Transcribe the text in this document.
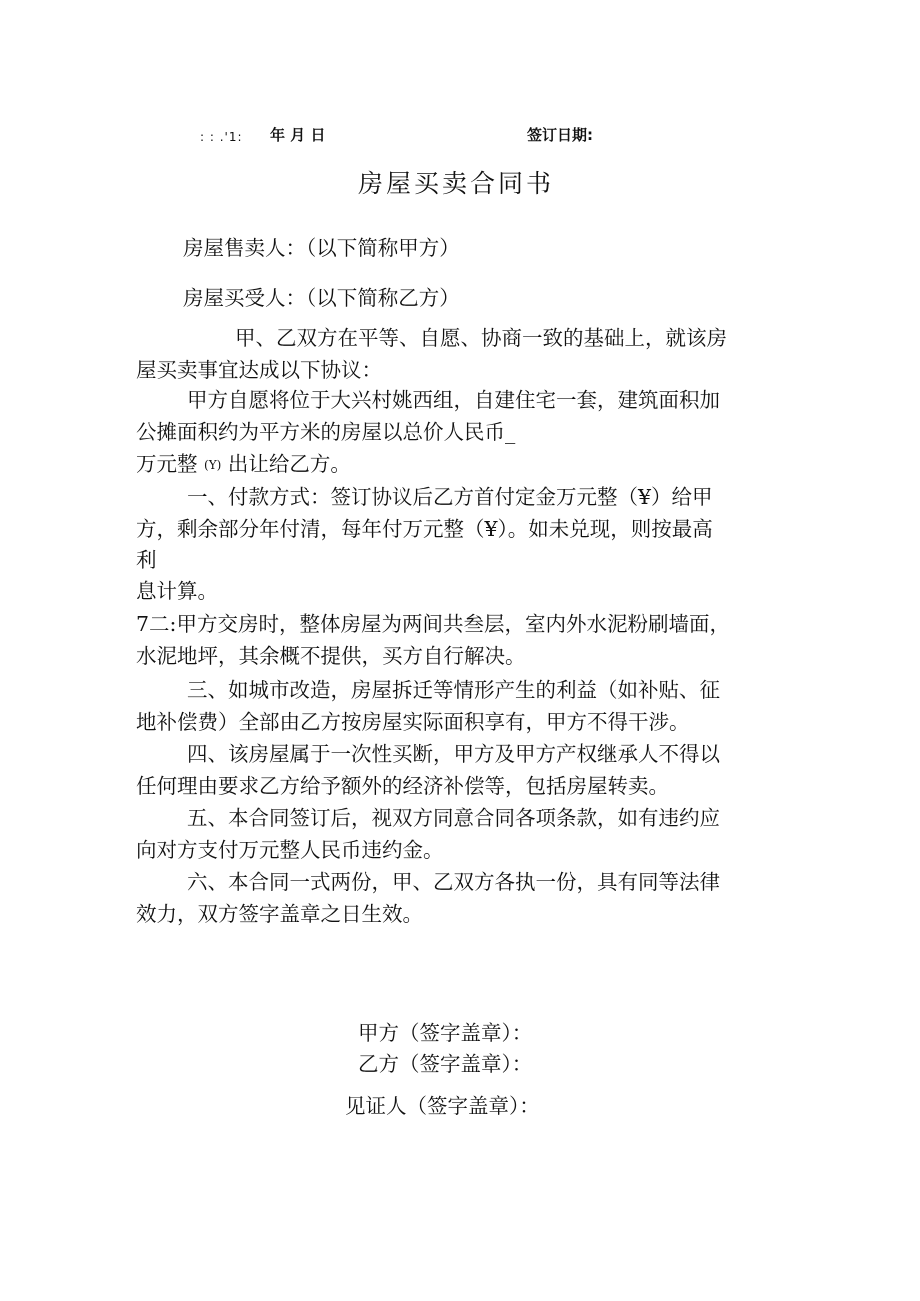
: : .'1: 年 月 日	签订日期:
房屋买卖合同书
房屋售卖人：（以下简称甲方）
房屋买受人：（以下简称乙方）
甲、乙双方在平等、自愿、协商一致的基础上，就该房
屋买卖事宜达成以下协议：
甲方自愿将位于大兴村姚西组，自建住宅一套，建筑面积加
公摊面积约为平方米的房屋以总价人民币_
万元整 (Y) 出让给乙方。
一、付款方式：签订协议后乙方首付定金万元整（¥）给甲
方，剩余部分年付清，每年付万元整（¥）。如未兑现，则按最高
利
息计算。
7二:甲方交房时，整体房屋为两间共叁层，室内外水泥粉刷墙面，
水泥地坪，其余概不提供，买方自行解决。
三、如城市改造，房屋拆迁等情形产生的利益（如补贴、征
地补偿费）全部由乙方按房屋实际面积享有，甲方不得干涉。
四、该房屋属于一次性买断，甲方及甲方产权继承人不得以
任何理由要求乙方给予额外的经济补偿等，包括房屋转卖。
五、本合同签订后，视双方同意合同各项条款，如有违约应
向对方支付万元整人民币违约金。
六、本合同一式两份，甲、乙双方各执一份，具有同等法律
效力，双方签字盖章之日生效。
甲方（签字盖章）：
乙方（签字盖章）：
见证人（签字盖章）：
